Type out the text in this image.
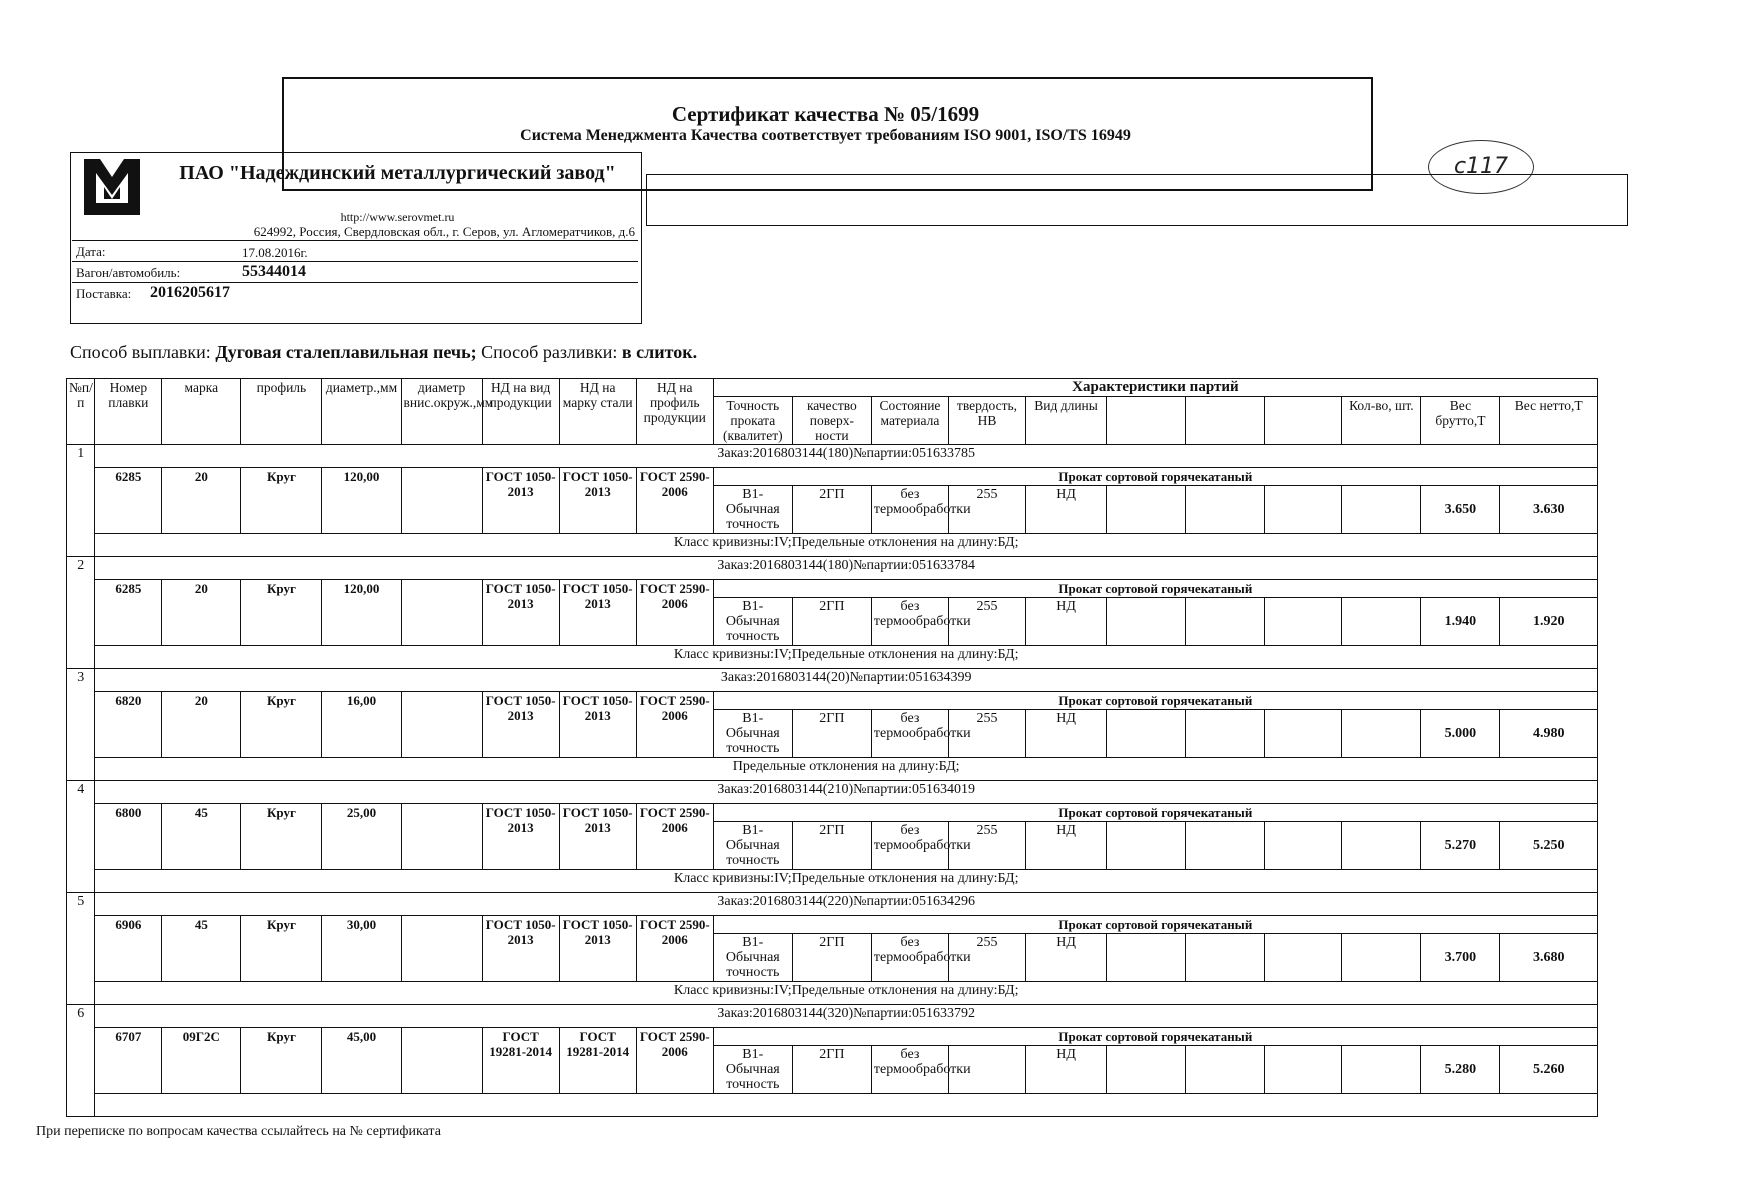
Сертификат качества № 05/1699
Система Менеджмента Качества соответствует требованиям ISO 9001, ISO/TS 16949
с117
ПАО "Надеждинский металлургический завод"
http://www.serovmet.ru
624992, Россия, Свердловская обл., г. Серов, ул. Агломератчиков, д.6
Дата:	17.08.2016г.
Вагон/автомобиль:	55344014
Поставка: 2016205617
Способ выплавки: Дуговая сталеплавильная печь; Способ разливки: в слиток.
№п/п	Номер плавки	марка	профиль	диаметр.,мм	диаметр внис.окруж.,мм	НД на вид продукции	НД на марку стали	НД на профиль продукции	Характеристики партий										
									Точность проката (квалитет)	качество поверх-ности	Состояние материала	твердость, НВ	Вид длины				Кол-во, шт.	Вес брутто,Т	Вес нетто,Т
1	Заказ:2016803144(180)№партии:051633785																		
	6285	20	Круг	120,00		ГОСТ 1050-2013	ГОСТ 1050-2013	ГОСТ 2590-2006	Прокат сортовой горячекатаный										
									В1-Обычная точность	2ГП	без термообработки	255	НД					3.650	3.630
	Класс кривизны:IV;Предельные отклонения на длину:БД;																		
2	Заказ:2016803144(180)№партии:051633784																		
	6285	20	Круг	120,00		ГОСТ 1050-2013	ГОСТ 1050-2013	ГОСТ 2590-2006	Прокат сортовой горячекатаный										
									В1-Обычная точность	2ГП	без термообработки	255	НД					1.940	1.920
	Класс кривизны:IV;Предельные отклонения на длину:БД;																		
3	Заказ:2016803144(20)№партии:051634399																		
	6820	20	Круг	16,00		ГОСТ 1050-2013	ГОСТ 1050-2013	ГОСТ 2590-2006	Прокат сортовой горячекатаный										
									В1-Обычная точность	2ГП	без термообработки	255	НД					5.000	4.980
	Предельные отклонения на длину:БД;																		
4	Заказ:2016803144(210)№партии:051634019																		
	6800	45	Круг	25,00		ГОСТ 1050-2013	ГОСТ 1050-2013	ГОСТ 2590-2006	Прокат сортовой горячекатаный										
									В1-Обычная точность	2ГП	без термообработки	255	НД					5.270	5.250
	Класс кривизны:IV;Предельные отклонения на длину:БД;																		
5	Заказ:2016803144(220)№партии:051634296																		
	6906	45	Круг	30,00		ГОСТ 1050-2013	ГОСТ 1050-2013	ГОСТ 2590-2006	Прокат сортовой горячекатаный										
									В1-Обычная точность	2ГП	без термообработки	255	НД					3.700	3.680
	Класс кривизны:IV;Предельные отклонения на длину:БД;																		
6	Заказ:2016803144(320)№партии:051633792																		
	6707	09Г2С	Круг	45,00		ГОСТ 19281-2014	ГОСТ 19281-2014	ГОСТ 2590-2006	Прокат сортовой горячекатаный										
									В1-Обычная точность	2ГП	без термообработки		НД					5.280	5.260

При переписке по вопросам качества ссылайтесь на № сертификата
